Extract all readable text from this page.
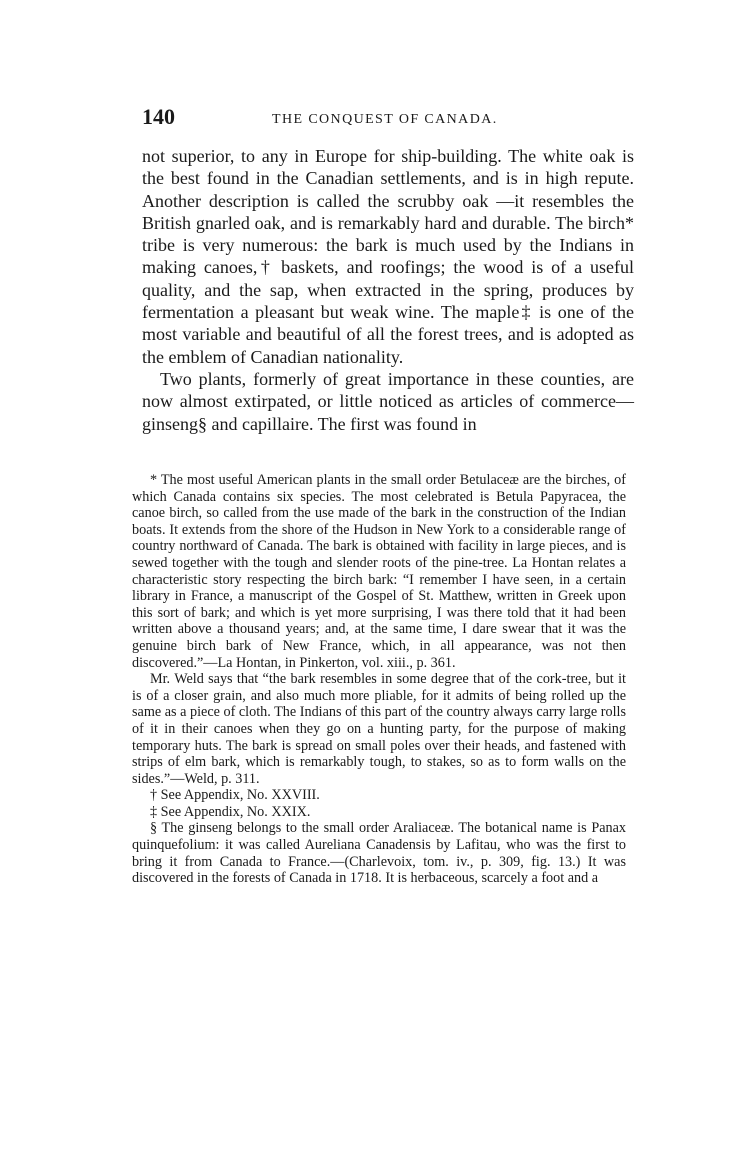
140	THE CONQUEST OF CANADA.

not superior, to any in Europe for ship-building. The white oak is the best found in the Canadian settlements, and is in high repute. Another description is called the scrubby oak —it resembles the British gnarled oak, and is remarkably hard and durable. The birch* tribe is very numerous: the bark is much used by the Indians in making canoes,† baskets, and roofings; the wood is of a useful quality, and the sap, when extracted in the spring, produces by fermentation a pleasant but weak wine. The maple‡ is one of the most variable and beautiful of all the forest trees, and is adopted as the emblem of Canadian nationality.

Two plants, formerly of great importance in these counties, are now almost extirpated, or little noticed as articles of commerce—ginseng§ and capillaire. The first was found in

* The most useful American plants in the small order Betulaceæ are the birches, of which Canada contains six species. The most celebrated is Betula Papyracea, the canoe birch, so called from the use made of the bark in the construction of the Indian boats. It extends from the shore of the Hudson in New York to a considerable range of country northward of Canada. The bark is obtained with facility in large pieces, and is sewed together with the tough and slender roots of the pine-tree. La Hontan relates a characteristic story respecting the birch bark: “I remember I have seen, in a certain library in France, a manuscript of the Gospel of St. Matthew, written in Greek upon this sort of bark; and which is yet more surprising, I was there told that it had been written above a thousand years; and, at the same time, I dare swear that it was the genuine birch bark of New France, which, in all appearance, was not then discovered.”—La Hontan, in Pinkerton, vol. xiii., p. 361.

Mr. Weld says that “the bark resembles in some degree that of the cork-tree, but it is of a closer grain, and also much more pliable, for it admits of being rolled up the same as a piece of cloth. The Indians of this part of the country always carry large rolls of it in their canoes when they go on a hunting party, for the purpose of making temporary huts. The bark is spread on small poles over their heads, and fastened with strips of elm bark, which is remarkably tough, to stakes, so as to form walls on the sides.”—Weld, p. 311.

† See Appendix, No. XXVIII.

‡ See Appendix, No. XXIX.

§ The ginseng belongs to the small order Araliaceæ. The botanical name is Panax quinquefolium: it was called Aureliana Canadensis by Lafitau, who was the first to bring it from Canada to France.—(Charlevoix, tom. iv., p. 309, fig. 13.) It was discovered in the forests of Canada in 1718. It is herbaceous, scarcely a foot and a
